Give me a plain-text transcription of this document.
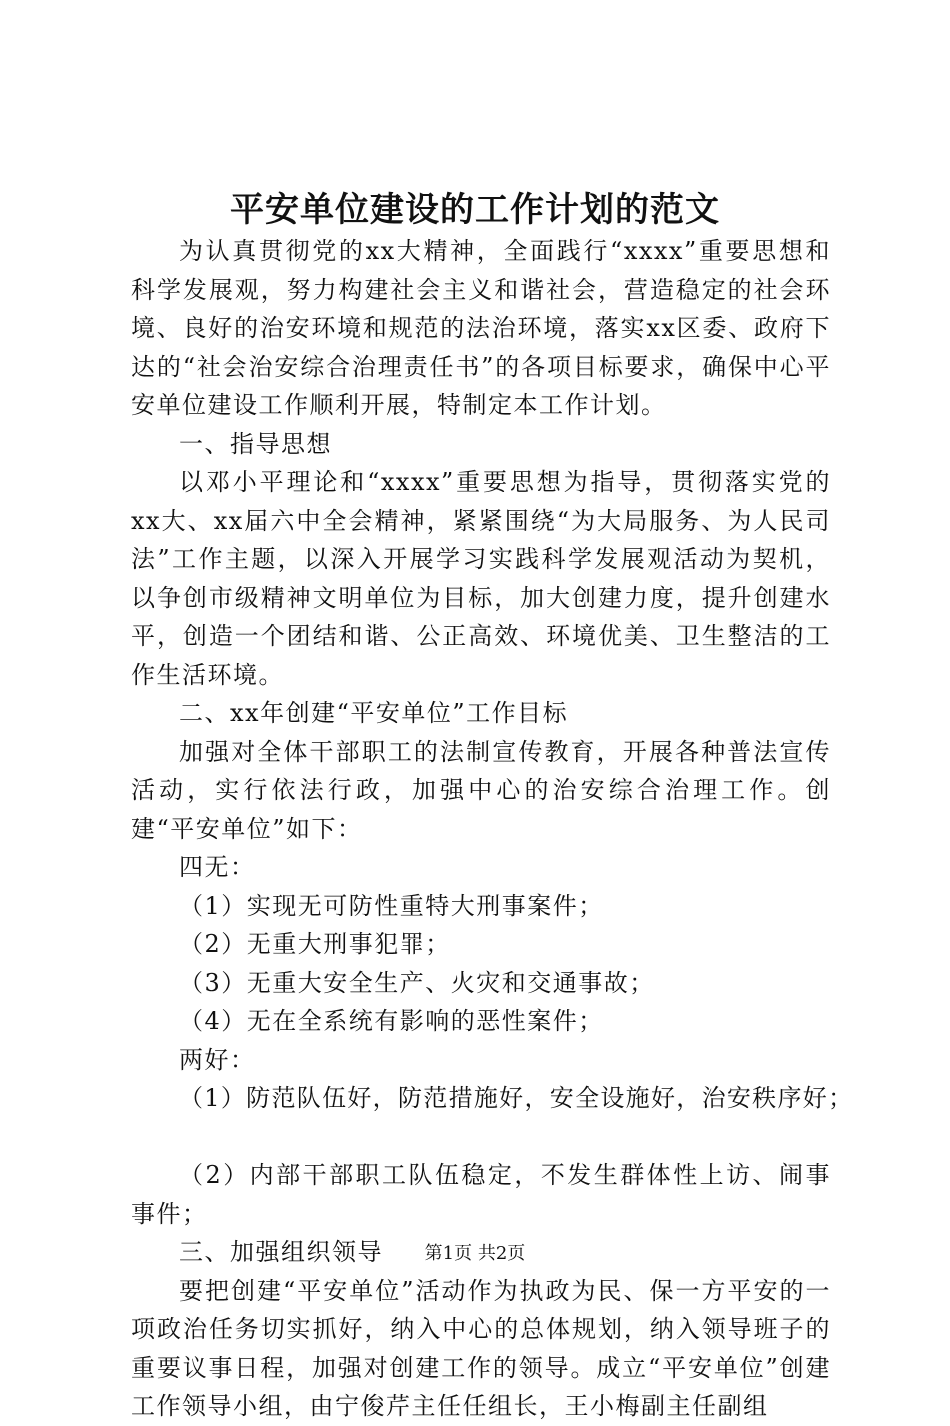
平安单位建设的工作计划的范文

为认真贯彻党的xx大精神，全面践行“xxxx”重要思想和科学发展观，努力构建社会主义和谐社会，营造稳定的社会环境、良好的治安环境和规范的法治环境，落实xx区委、政府下达的“社会治安综合治理责任书”的各项目标要求，确保中心平安单位建设工作顺利开展，特制定本工作计划。

一、指导思想

以邓小平理论和“xxxx”重要思想为指导，贯彻落实党的xx大、xx届六中全会精神，紧紧围绕“为大局服务、为人民司法”工作主题，以深入开展学习实践科学发展观活动为契机，以争创市级精神文明单位为目标，加大创建力度，提升创建水平，创造一个团结和谐、公正高效、环境优美、卫生整洁的工作生活环境。

二、xx年创建“平安单位”工作目标

加强对全体干部职工的法制宣传教育，开展各种普法宣传活动，实行依法行政，加强中心的治安综合治理工作。创建“平安单位”如下：

四无：

（1）实现无可防性重特大刑事案件；

（2）无重大刑事犯罪；

（3）无重大安全生产、火灾和交通事故；

（4）无在全系统有影响的恶性案件；

两好：

（1）防范队伍好，防范措施好，安全设施好，治安秩序好；

（2）内部干部职工队伍稳定，不发生群体性上访、闹事事件；

三、加强组织领导

要把创建“平安单位”活动作为执政为民、保一方平安的一项政治任务切实抓好，纳入中心的总体规划，纳入领导班子的重要议事日程，加强对创建工作的领导。成立“平安单位”创建工作领导小组，由宁俊芹主任任组长，王小梅副主任副组

第1页 共2页
